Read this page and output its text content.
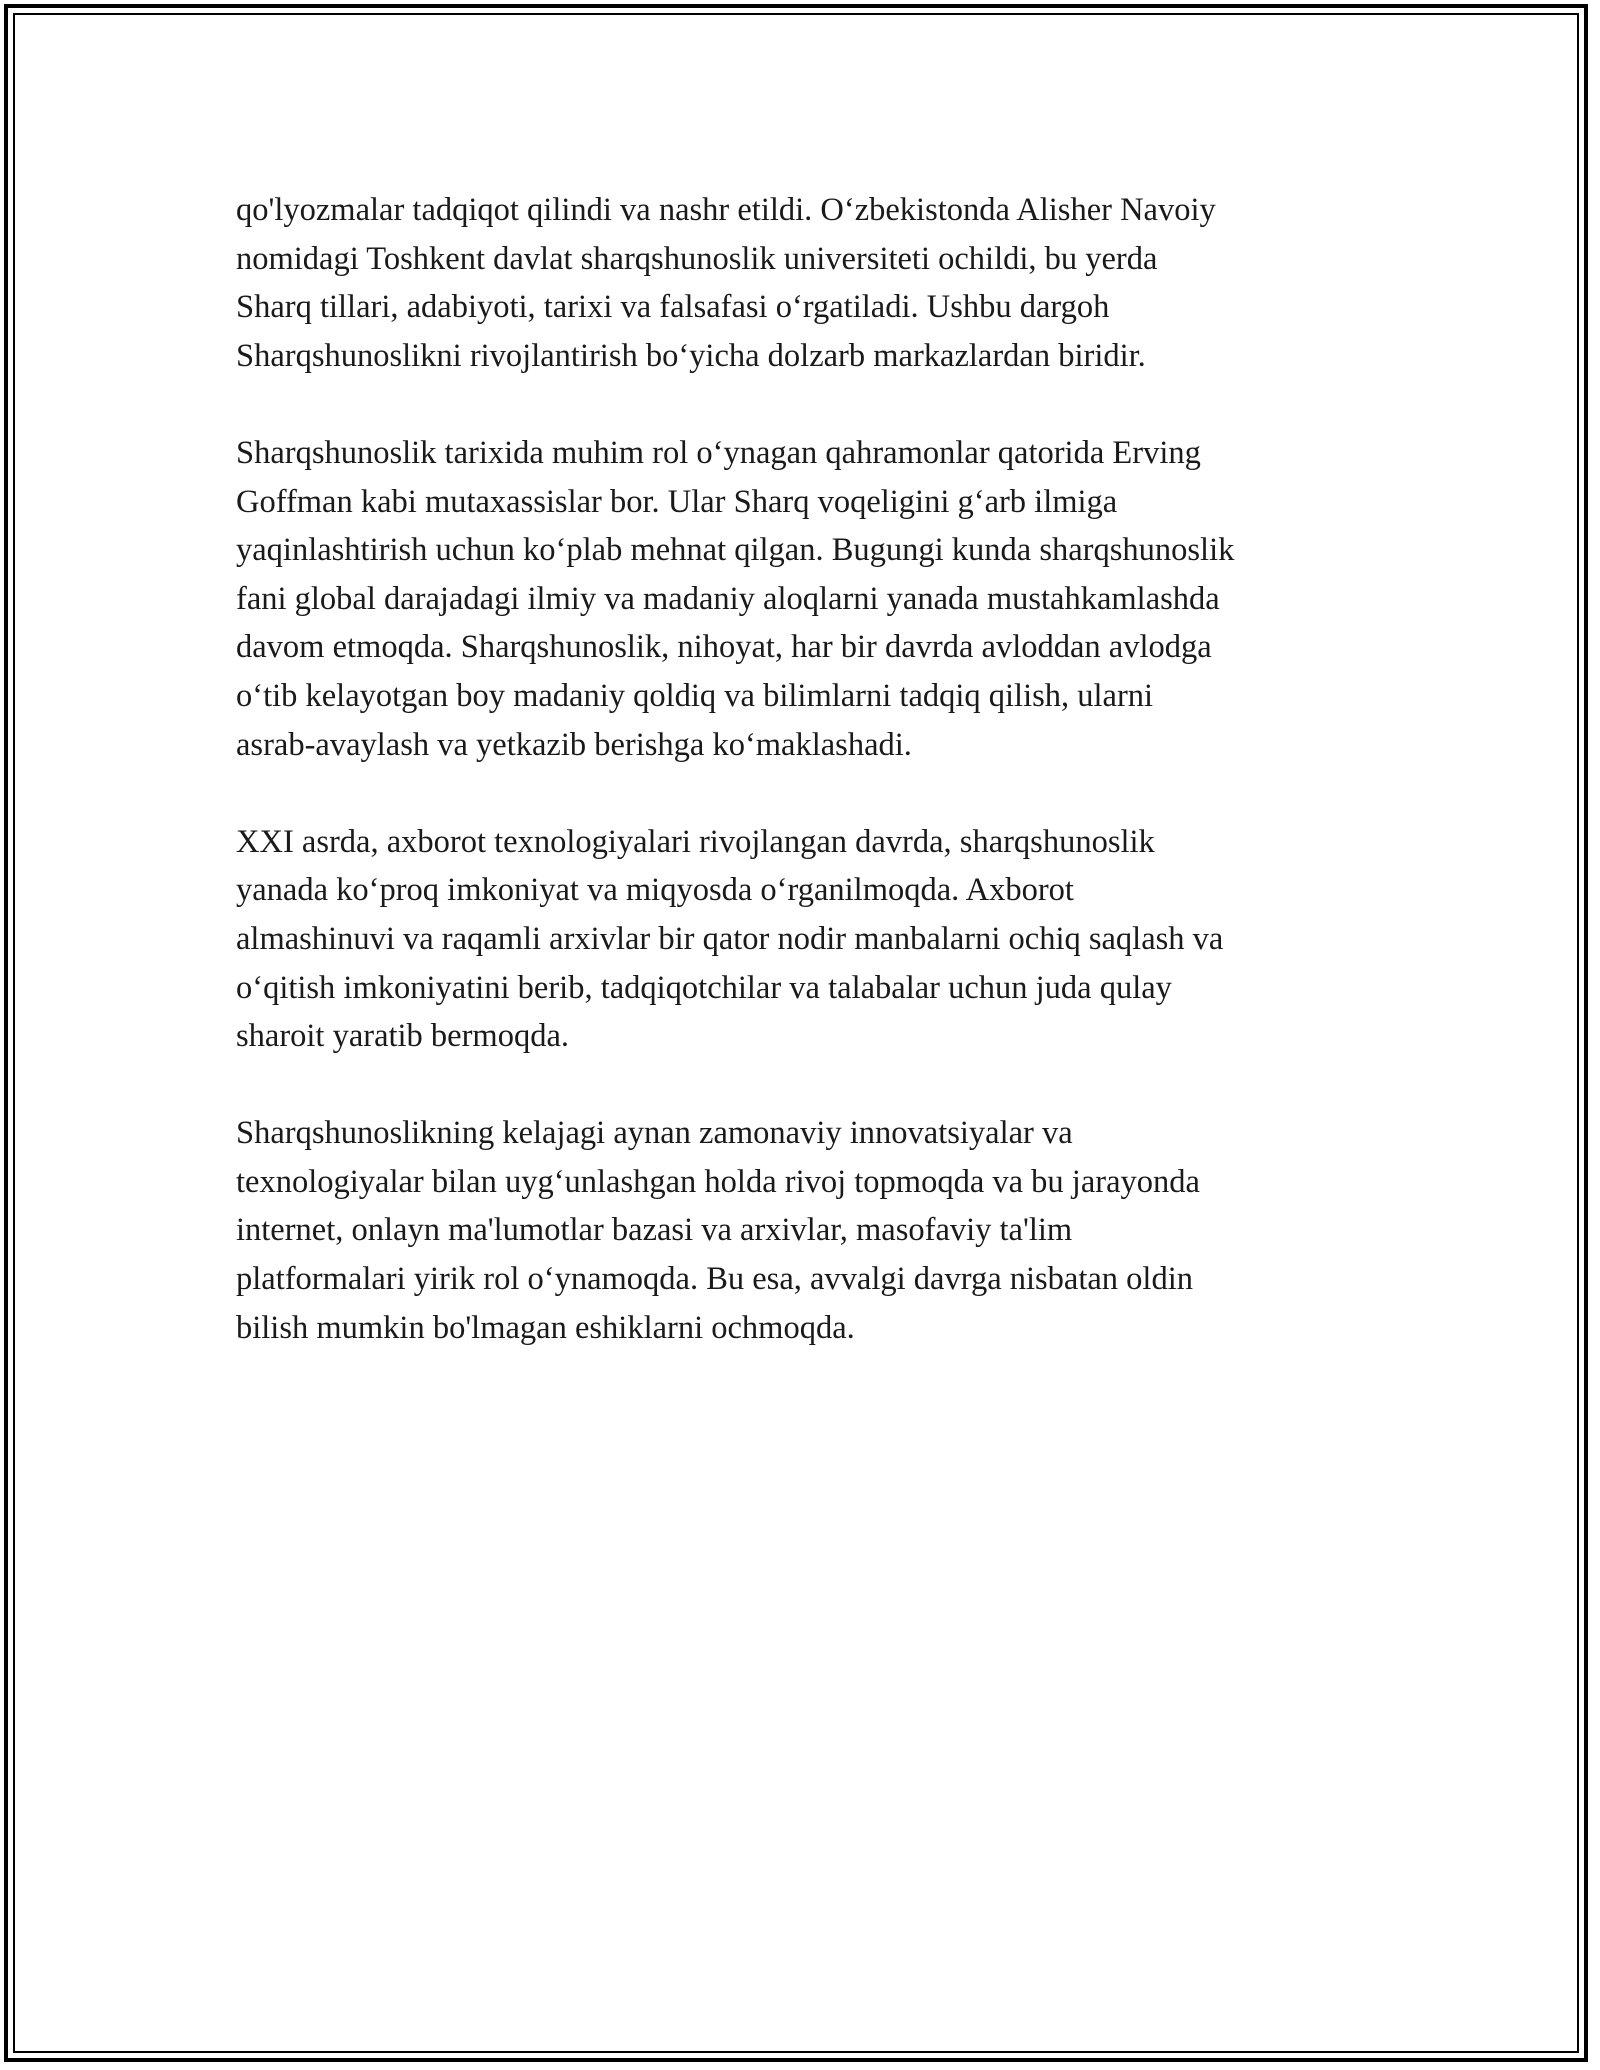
qo'lyozmalar tadqiqot qilindi va nashr etildi. O‘zbekistonda Alisher Navoiy
nomidagi Toshkent davlat sharqshunoslik universiteti ochildi, bu yerda
Sharq tillari, adabiyoti, tarixi va falsafasi o‘rgatiladi. Ushbu dargoh
Sharqshunoslikni rivojlantirish bo‘yicha dolzarb markazlardan biridir.

Sharqshunoslik tarixida muhim rol o‘ynagan qahramonlar qatorida Erving
Goffman kabi mutaxassislar bor. Ular Sharq voqeligini g‘arb ilmiga
yaqinlashtirish uchun ko‘plab mehnat qilgan. Bugungi kunda sharqshunoslik
fani global darajadagi ilmiy va madaniy aloqlarni yanada mustahkamlashda
davom etmoqda. Sharqshunoslik, nihoyat, har bir davrda avloddan avlodga
o‘tib kelayotgan boy madaniy qoldiq va bilimlarni tadqiq qilish, ularni
asrab-avaylash va yetkazib berishga ko‘maklashadi.

XXI asrda, axborot texnologiyalari rivojlangan davrda, sharqshunoslik
yanada ko‘proq imkoniyat va miqyosda o‘rganilmoqda. Axborot
almashinuvi va raqamli arxivlar bir qator nodir manbalarni ochiq saqlash va
o‘qitish imkoniyatini berib, tadqiqotchilar va talabalar uchun juda qulay
sharoit yaratib bermoqda.

Sharqshunoslikning kelajagi aynan zamonaviy innovatsiyalar va
texnologiyalar bilan uyg‘unlashgan holda rivoj topmoqda va bu jarayonda
internet, onlayn ma'lumotlar bazasi va arxivlar, masofaviy ta'lim
platformalari yirik rol o‘ynamoqda. Bu esa, avvalgi davrga nisbatan oldin
bilish mumkin bo'lmagan eshiklarni ochmoqda.
